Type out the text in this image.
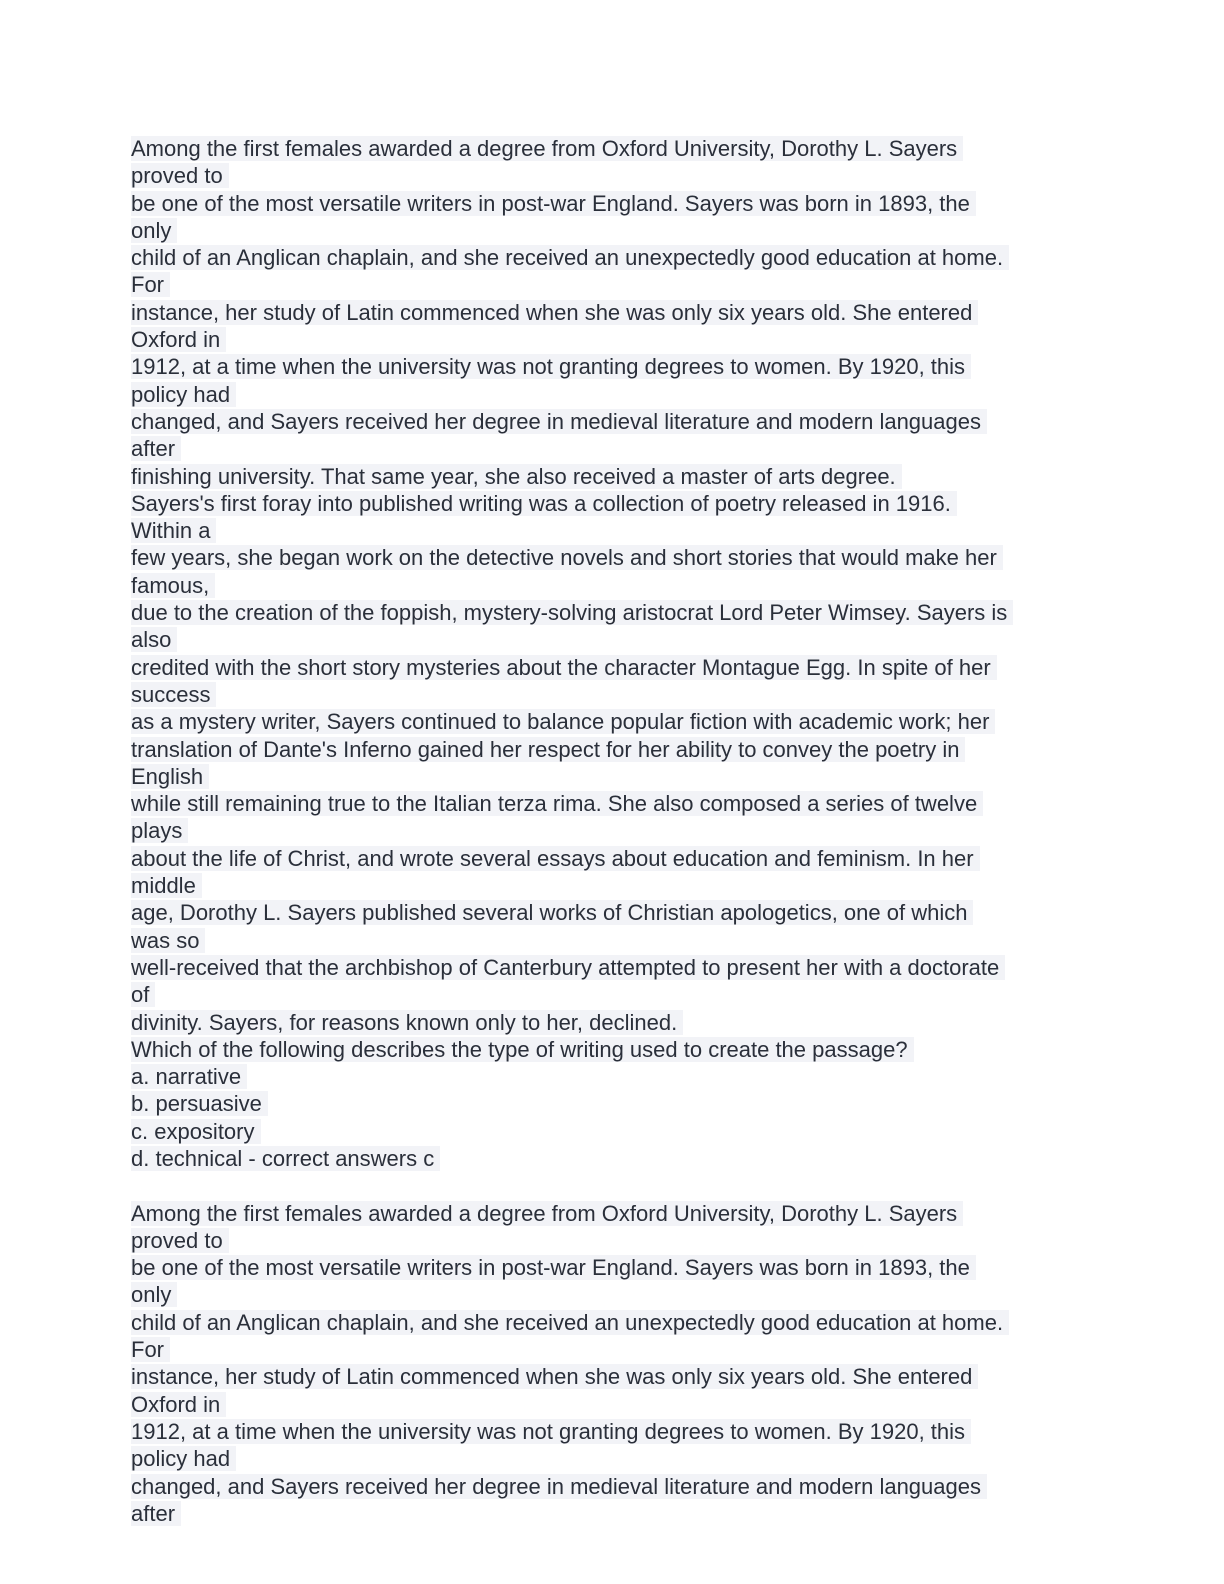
Among the first females awarded a degree from Oxford University, Dorothy L. Sayers
proved to
be one of the most versatile writers in post-war England. Sayers was born in 1893, the
only
child of an Anglican chaplain, and she received an unexpectedly good education at home.
For
instance, her study of Latin commenced when she was only six years old. She entered
Oxford in
1912, at a time when the university was not granting degrees to women. By 1920, this
policy had
changed, and Sayers received her degree in medieval literature and modern languages
after
finishing university. That same year, she also received a master of arts degree.
Sayers's first foray into published writing was a collection of poetry released in 1916.
Within a
few years, she began work on the detective novels and short stories that would make her
famous,
due to the creation of the foppish, mystery-solving aristocrat Lord Peter Wimsey. Sayers is
also
credited with the short story mysteries about the character Montague Egg. In spite of her
success
as a mystery writer, Sayers continued to balance popular fiction with academic work; her
translation of Dante's Inferno gained her respect for her ability to convey the poetry in
English
while still remaining true to the Italian terza rima. She also composed a series of twelve
plays
about the life of Christ, and wrote several essays about education and feminism. In her
middle
age, Dorothy L. Sayers published several works of Christian apologetics, one of which
was so
well-received that the archbishop of Canterbury attempted to present her with a doctorate
of
divinity. Sayers, for reasons known only to her, declined.
Which of the following describes the type of writing used to create the passage?
a. narrative
b. persuasive
c. expository
d. technical - correct answers c
Among the first females awarded a degree from Oxford University, Dorothy L. Sayers
proved to
be one of the most versatile writers in post-war England. Sayers was born in 1893, the
only
child of an Anglican chaplain, and she received an unexpectedly good education at home.
For
instance, her study of Latin commenced when she was only six years old. She entered
Oxford in
1912, at a time when the university was not granting degrees to women. By 1920, this
policy had
changed, and Sayers received her degree in medieval literature and modern languages
after
